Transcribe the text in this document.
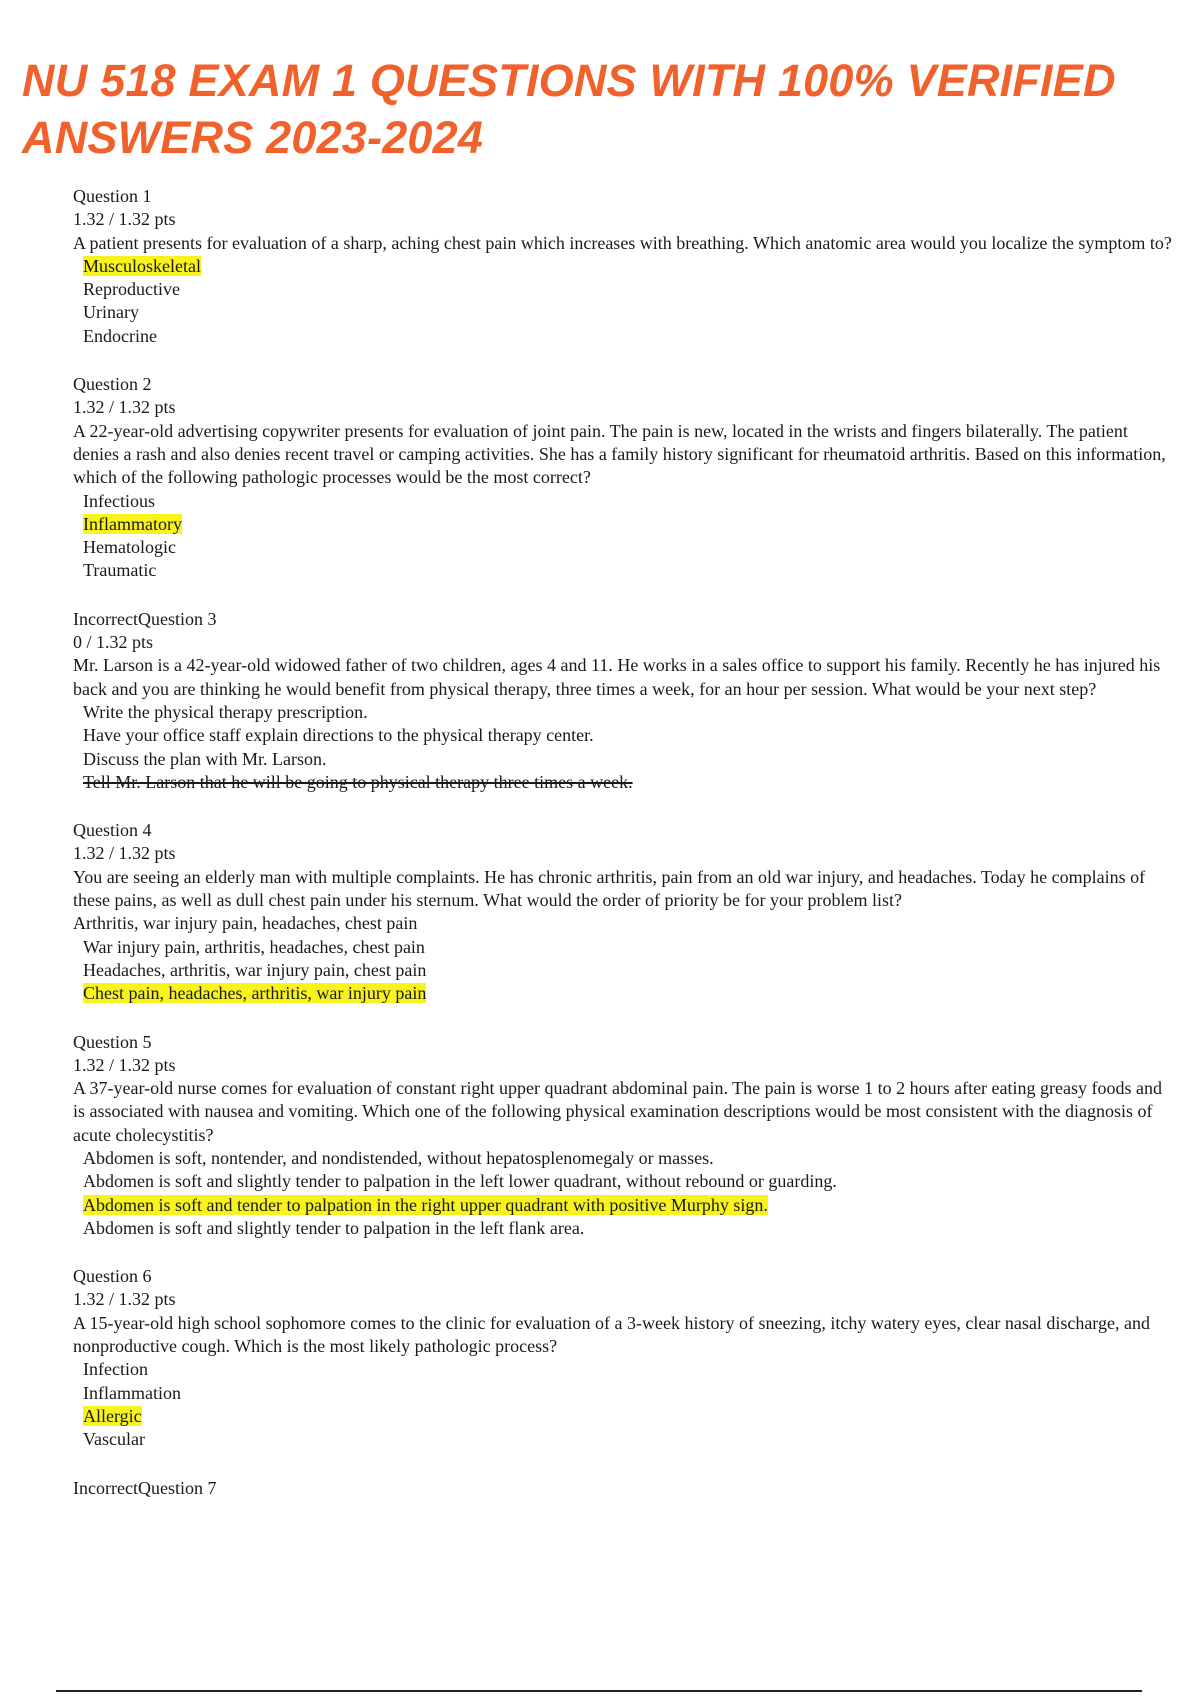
NU 518 EXAM 1 QUESTIONS WITH 100% VERIFIED ANSWERS 2023-2024
Question 1
1.32 / 1.32 pts
A patient presents for evaluation of a sharp, aching chest pain which increases with breathing. Which anatomic area would you localize the symptom to?
Musculoskeletal
Reproductive
Urinary
Endocrine
Question 2
1.32 / 1.32 pts
A 22-year-old advertising copywriter presents for evaluation of joint pain. The pain is new, located in the wrists and fingers bilaterally. The patient denies a rash and also denies recent travel or camping activities. She has a family history significant for rheumatoid arthritis. Based on this information, which of the following pathologic processes would be the most correct?
Infectious
Inflammatory
Hematologic
Traumatic
IncorrectQuestion 3
0 / 1.32 pts
Mr. Larson is a 42-year-old widowed father of two children, ages 4 and 11. He works in a sales office to support his family. Recently he has injured his back and you are thinking he would benefit from physical therapy, three times a week, for an hour per session. What would be your next step?
Write the physical therapy prescription.
Have your office staff explain directions to the physical therapy center.
Discuss the plan with Mr. Larson.
Tell Mr. Larson that he will be going to physical therapy three times a week.
Question 4
1.32 / 1.32 pts
You are seeing an elderly man with multiple complaints. He has chronic arthritis, pain from an old war injury, and headaches. Today he complains of these pains, as well as dull chest pain under his sternum. What would the order of priority be for your problem list?
Arthritis, war injury pain, headaches, chest pain
War injury pain, arthritis, headaches, chest pain
Headaches, arthritis, war injury pain, chest pain
Chest pain, headaches, arthritis, war injury pain
Question 5
1.32 / 1.32 pts
A 37-year-old nurse comes for evaluation of constant right upper quadrant abdominal pain. The pain is worse 1 to 2 hours after eating greasy foods and is associated with nausea and vomiting. Which one of the following physical examination descriptions would be most consistent with the diagnosis of acute cholecystitis?
Abdomen is soft, nontender, and nondistended, without hepatosplenomegaly or masses.
Abdomen is soft and slightly tender to palpation in the left lower quadrant, without rebound or guarding.
Abdomen is soft and tender to palpation in the right upper quadrant with positive Murphy sign.
Abdomen is soft and slightly tender to palpation in the left flank area.
Question 6
1.32 / 1.32 pts
A 15-year-old high school sophomore comes to the clinic for evaluation of a 3-week history of sneezing, itchy watery eyes, clear nasal discharge, and nonproductive cough. Which is the most likely pathologic process?
Infection
Inflammation
Allergic
Vascular
IncorrectQuestion 7
